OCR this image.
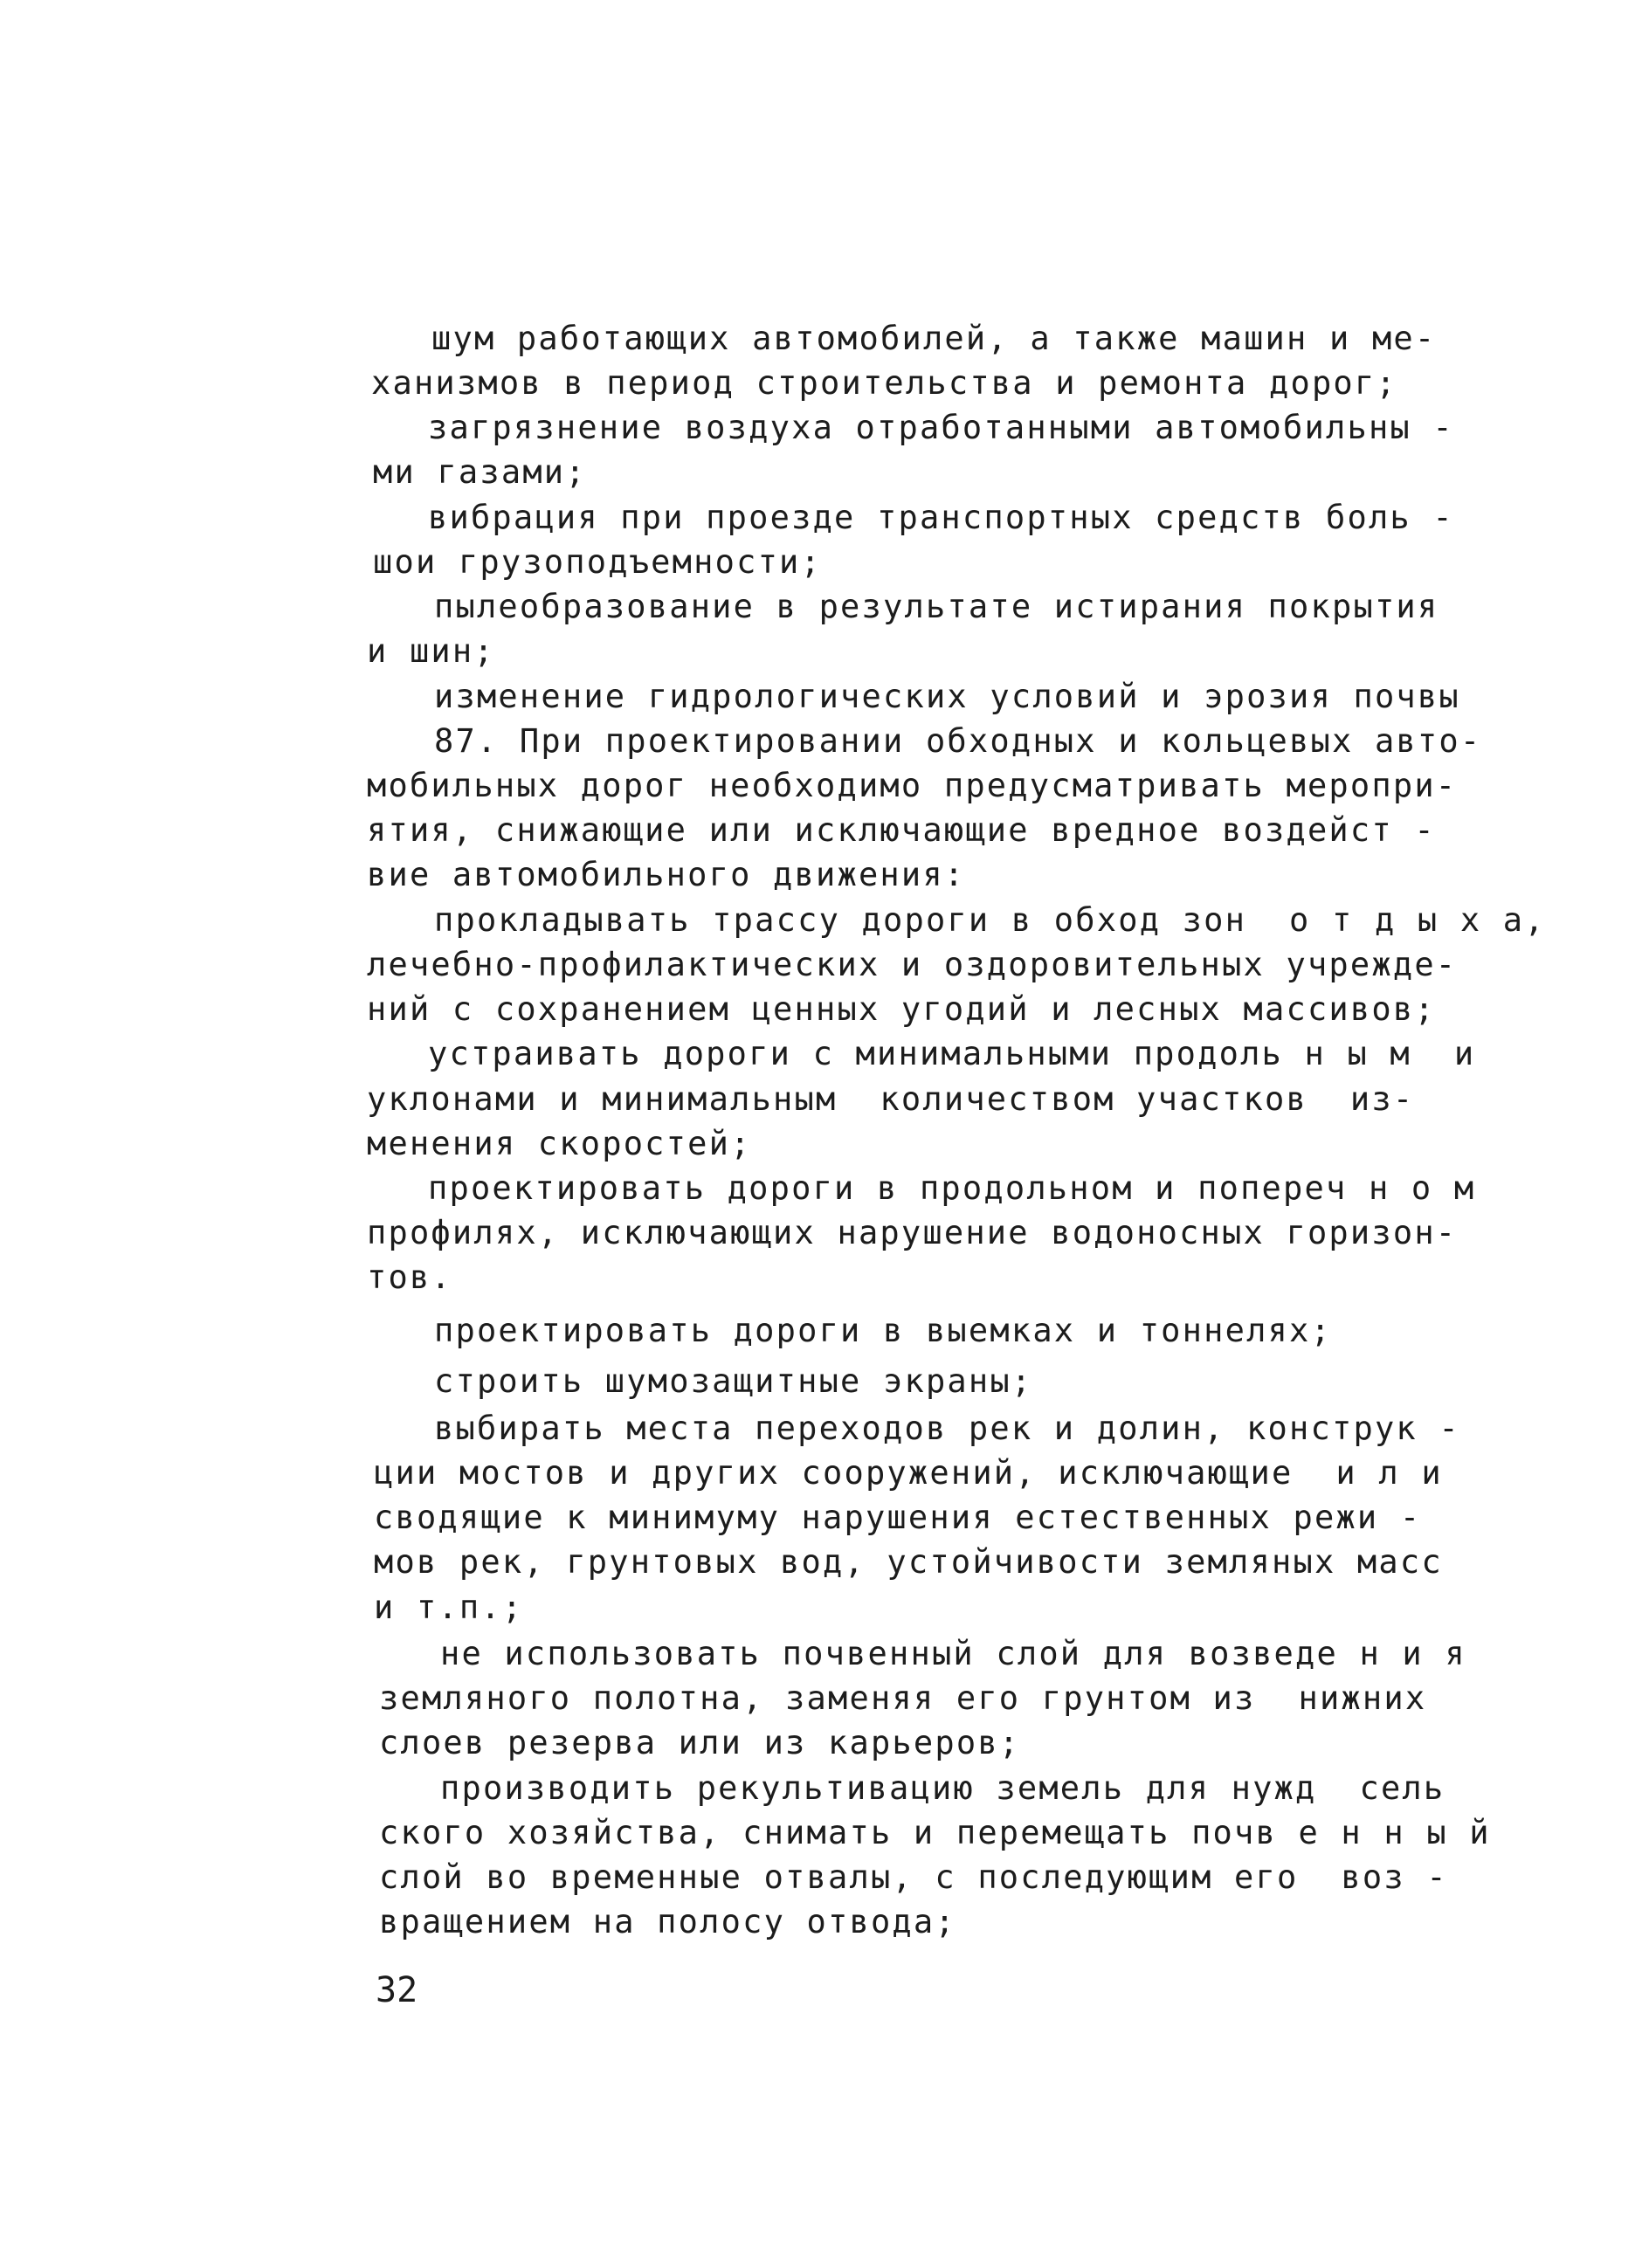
шум работающих автомобилей, а также машин и ме-
ханизмов в период строительства и ремонта дорог;
загрязнение воздуха отработанными автомобильны -
ми газами;
вибрация при проезде транспортных средств боль -
шои грузоподъемности;
пылеобразование в результате истирания покрытия
и шин;
изменение гидрологических условий и эрозия почвы
87. При проектировании обходных и кольцевых авто-
мобильных дорог необходимо предусматривать меропри-
ятия, снижающие или исключающие вредное воздейст -
вие автомобильного движения:
прокладывать трассу дороги в обход зон  о т д ы х а,
лечебно-профилактических и оздоровительных учрежде-
ний с сохранением ценных угодий и лесных массивов;
устраивать дороги с минимальными продоль н ы м  и
уклонами и минимальным  количеством участков  из-
менения скоростей;
проектировать дороги в продольном и попереч н о м
профилях, исключающих нарушение водоносных горизон-
тов.
проектировать дороги в выемках и тоннелях;
строить шумозащитные экраны;
выбирать места переходов рек и долин, конструк -
ции мостов и других сооружений, исключающие  и л и
сводящие к минимуму нарушения естественных режи -
мов рек, грунтовых вод, устойчивости земляных масс
и т.п.;
не использовать почвенный слой для возведе н и я
земляного полотна, заменяя его грунтом из  нижних
слоев резерва или из карьеров;
производить рекультивацию земель для нужд  сель
ского хозяйства, снимать и перемещать почв е н н ы й
слой во временные отвалы, с последующим его  воз -
вращением на полосу отвода;
32
